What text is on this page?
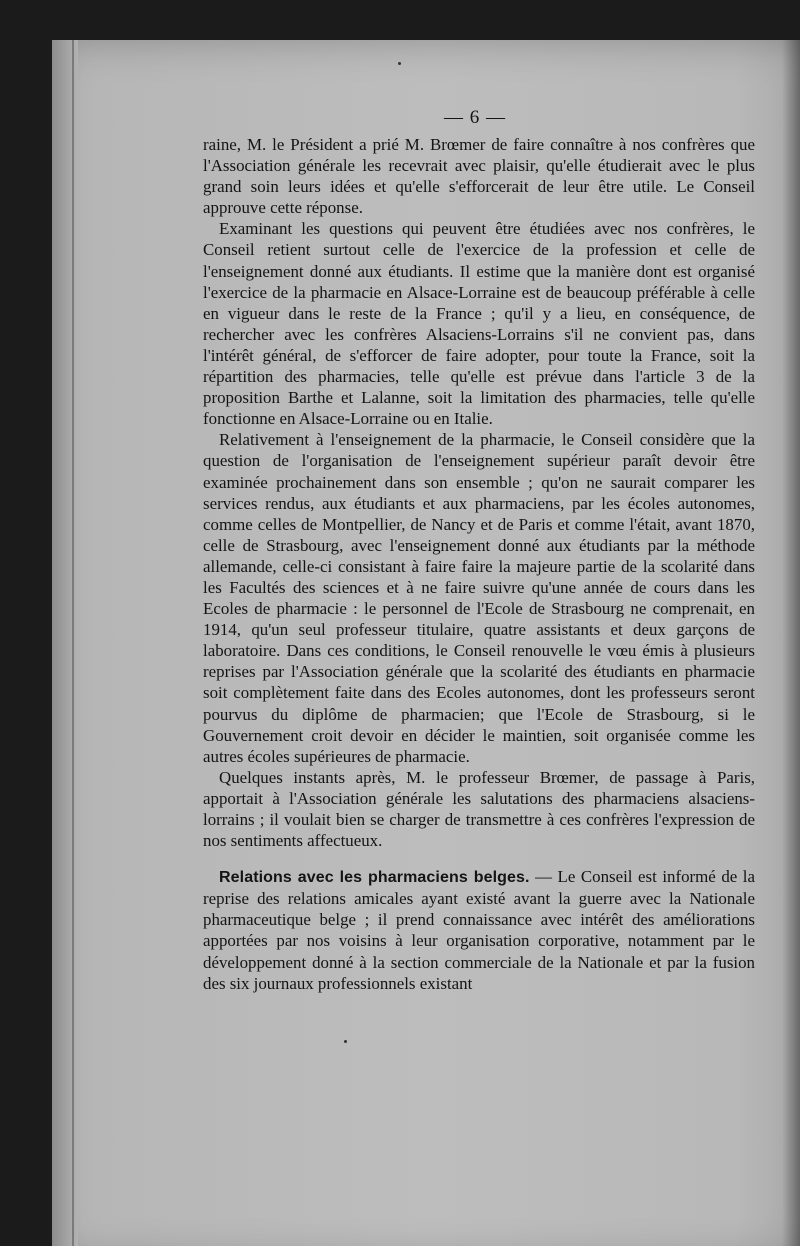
— 6 —

raine, M. le Président a prié M. Brœmer de faire connaître à nos confrères que l'Association générale les recevrait avec plaisir, qu'elle étudierait avec le plus grand soin leurs idées et qu'elle s'efforcerait de leur être utile. Le Conseil approuve cette réponse.

Examinant les questions qui peuvent être étudiées avec nos confrères, le Conseil retient surtout celle de l'exercice de la profession et celle de l'enseignement donné aux étudiants. Il estime que la manière dont est organisé l'exercice de la pharmacie en Alsace-Lorraine est de beaucoup préférable à celle en vigueur dans le reste de la France ; qu'il y a lieu, en conséquence, de rechercher avec les confrères Alsaciens-Lorrains s'il ne convient pas, dans l'intérêt général, de s'efforcer de faire adopter, pour toute la France, soit la répartition des pharmacies, telle qu'elle est prévue dans l'article 3 de la proposition Barthe et Lalanne, soit la limitation des pharmacies, telle qu'elle fonctionne en Alsace-Lorraine ou en Italie.

Relativement à l'enseignement de la pharmacie, le Conseil considère que la question de l'organisation de l'enseignement supérieur paraît devoir être examinée prochainement dans son ensemble ; qu'on ne saurait comparer les services rendus, aux étudiants et aux pharmaciens, par les écoles autonomes, comme celles de Montpellier, de Nancy et de Paris et comme l'était, avant 1870, celle de Strasbourg, avec l'enseignement donné aux étudiants par la méthode allemande, celle-ci consistant à faire faire la majeure partie de la scolarité dans les Facultés des sciences et à ne faire suivre qu'une année de cours dans les Ecoles de pharmacie : le personnel de l'Ecole de Strasbourg ne comprenait, en 1914, qu'un seul professeur titulaire, quatre assistants et deux garçons de laboratoire. Dans ces conditions, le Conseil renouvelle le vœu émis à plusieurs reprises par l'Association générale que la scolarité des étudiants en pharmacie soit complètement faite dans des Ecoles autonomes, dont les professeurs seront pourvus du diplôme de pharmacien; que l'Ecole de Strasbourg, si le Gouvernement croit devoir en décider le maintien, soit organisée comme les autres écoles supérieures de pharmacie.

Quelques instants après, M. le professeur Brœmer, de passage à Paris, apportait à l'Association générale les salutations des pharmaciens alsaciens-lorrains ; il voulait bien se charger de transmettre à ces confrères l'expression de nos sentiments affectueux.

Relations avec les pharmaciens belges. — Le Conseil est informé de la reprise des relations amicales ayant existé avant la guerre avec la Nationale pharmaceutique belge ; il prend connaissance avec intérêt des améliorations apportées par nos voisins à leur organisation corporative, notamment par le développement donné à la section commerciale de la Nationale et par la fusion des six journaux professionnels existant
